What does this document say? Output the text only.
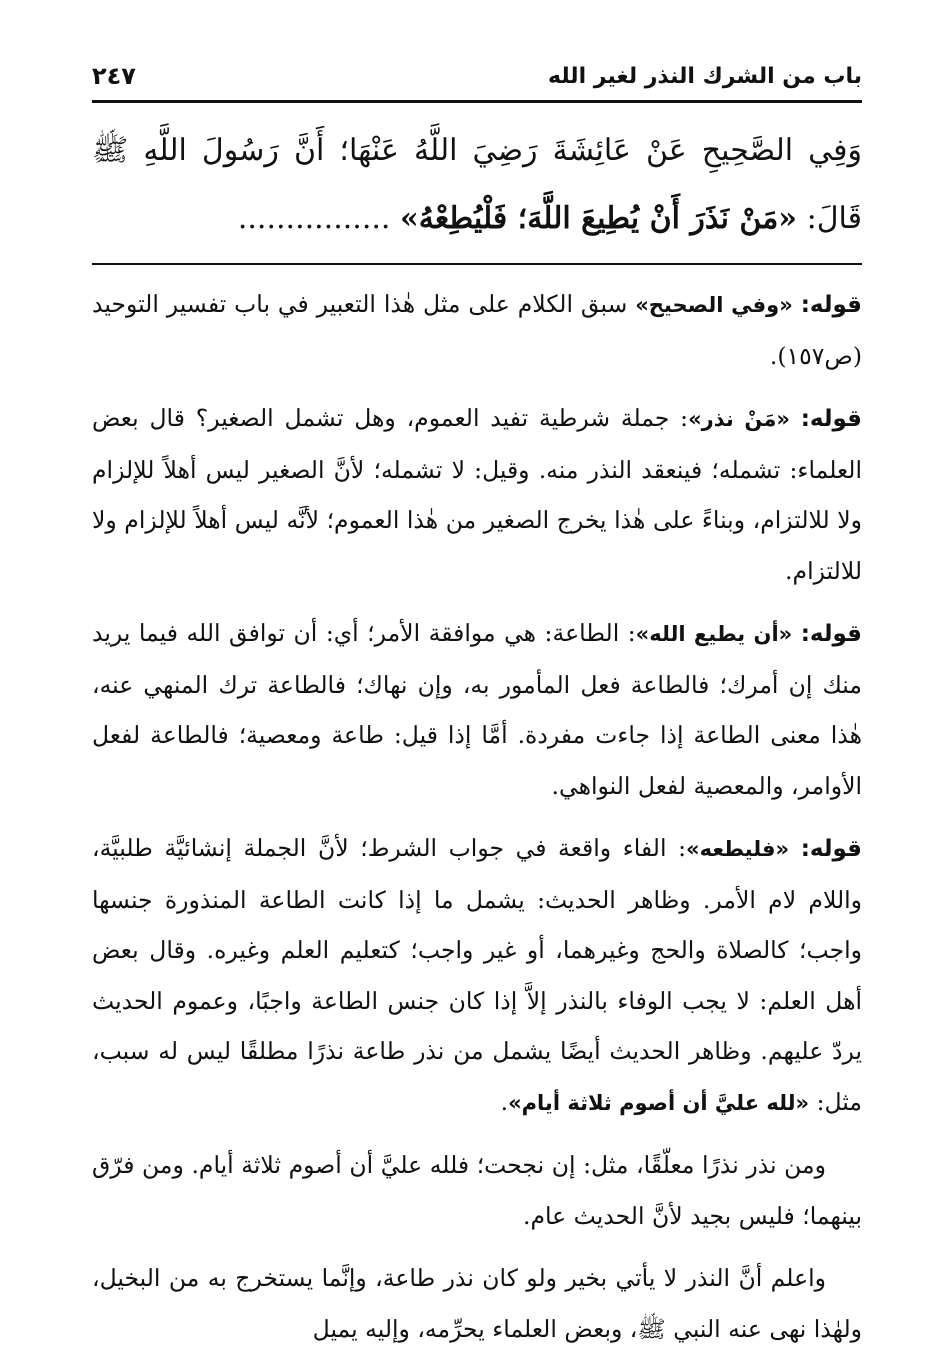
باب من الشرك النذر لغير الله
٢٤٧
وَفِي الصَّحِيحِ عَنْ عَائِشَةَ رَضِيَ اللَّهُ عَنْهَا؛ أَنَّ رَسُولَ اللَّهِ ﷺ قَالَ: «مَنْ نَذَرَ أَنْ يُطِيعَ اللَّهَ؛ فَلْيُطِعْهُ» ................

قوله: «وفي الصحيح» سبق الكلام على مثل هٰذا التعبير في باب تفسير التوحيد (ص١٥٧).

قوله: «مَنْ نذر»: جملة شرطية تفيد العموم، وهل تشمل الصغير؟ قال بعض العلماء: تشمله؛ فينعقد النذر منه. وقيل: لا تشمله؛ لأنَّ الصغير ليس أهلاً للإلزام ولا للالتزام، وبناءً على هٰذا يخرج الصغير من هٰذا العموم؛ لأنَّه ليس أهلاً للإلزام ولا للالتزام.

قوله: «أن يطيع الله»: الطاعة: هي موافقة الأمر؛ أي: أن توافق الله فيما يريد منك إن أمرك؛ فالطاعة فعل المأمور به، وإن نهاك؛ فالطاعة ترك المنهي عنه، هٰذا معنى الطاعة إذا جاءت مفردة. أمَّا إذا قيل: طاعة ومعصية؛ فالطاعة لفعل الأوامر، والمعصية لفعل النواهي.

قوله: «فليطعه»: الفاء واقعة في جواب الشرط؛ لأنَّ الجملة إنشائيَّة طلبيَّة، واللام لام الأمر. وظاهر الحديث: يشمل ما إذا كانت الطاعة المنذورة جنسها واجب؛ كالصلاة والحج وغيرهما، أو غير واجب؛ كتعليم العلم وغيره. وقال بعض أهل العلم: لا يجب الوفاء بالنذر إلاَّ إذا كان جنس الطاعة واجبًا، وعموم الحديث يردّ عليهم. وظاهر الحديث أيضًا يشمل من نذر طاعة نذرًا مطلقًا ليس له سبب، مثل: «لله عليَّ أن أصوم ثلاثة أيام».

ومن نذر نذرًا معلّقًا، مثل: إن نجحت؛ فلله عليَّ أن أصوم ثلاثة أيام. ومن فرّق بينهما؛ فليس بجيد لأنَّ الحديث عام.

واعلم أنَّ النذر لا يأتي بخير ولو كان نذر طاعة، وإنَّما يستخرج به من البخيل، ولهٰذا نهى عنه النبي ﷺ، وبعض العلماء يحرِّمه، وإليه يميل
